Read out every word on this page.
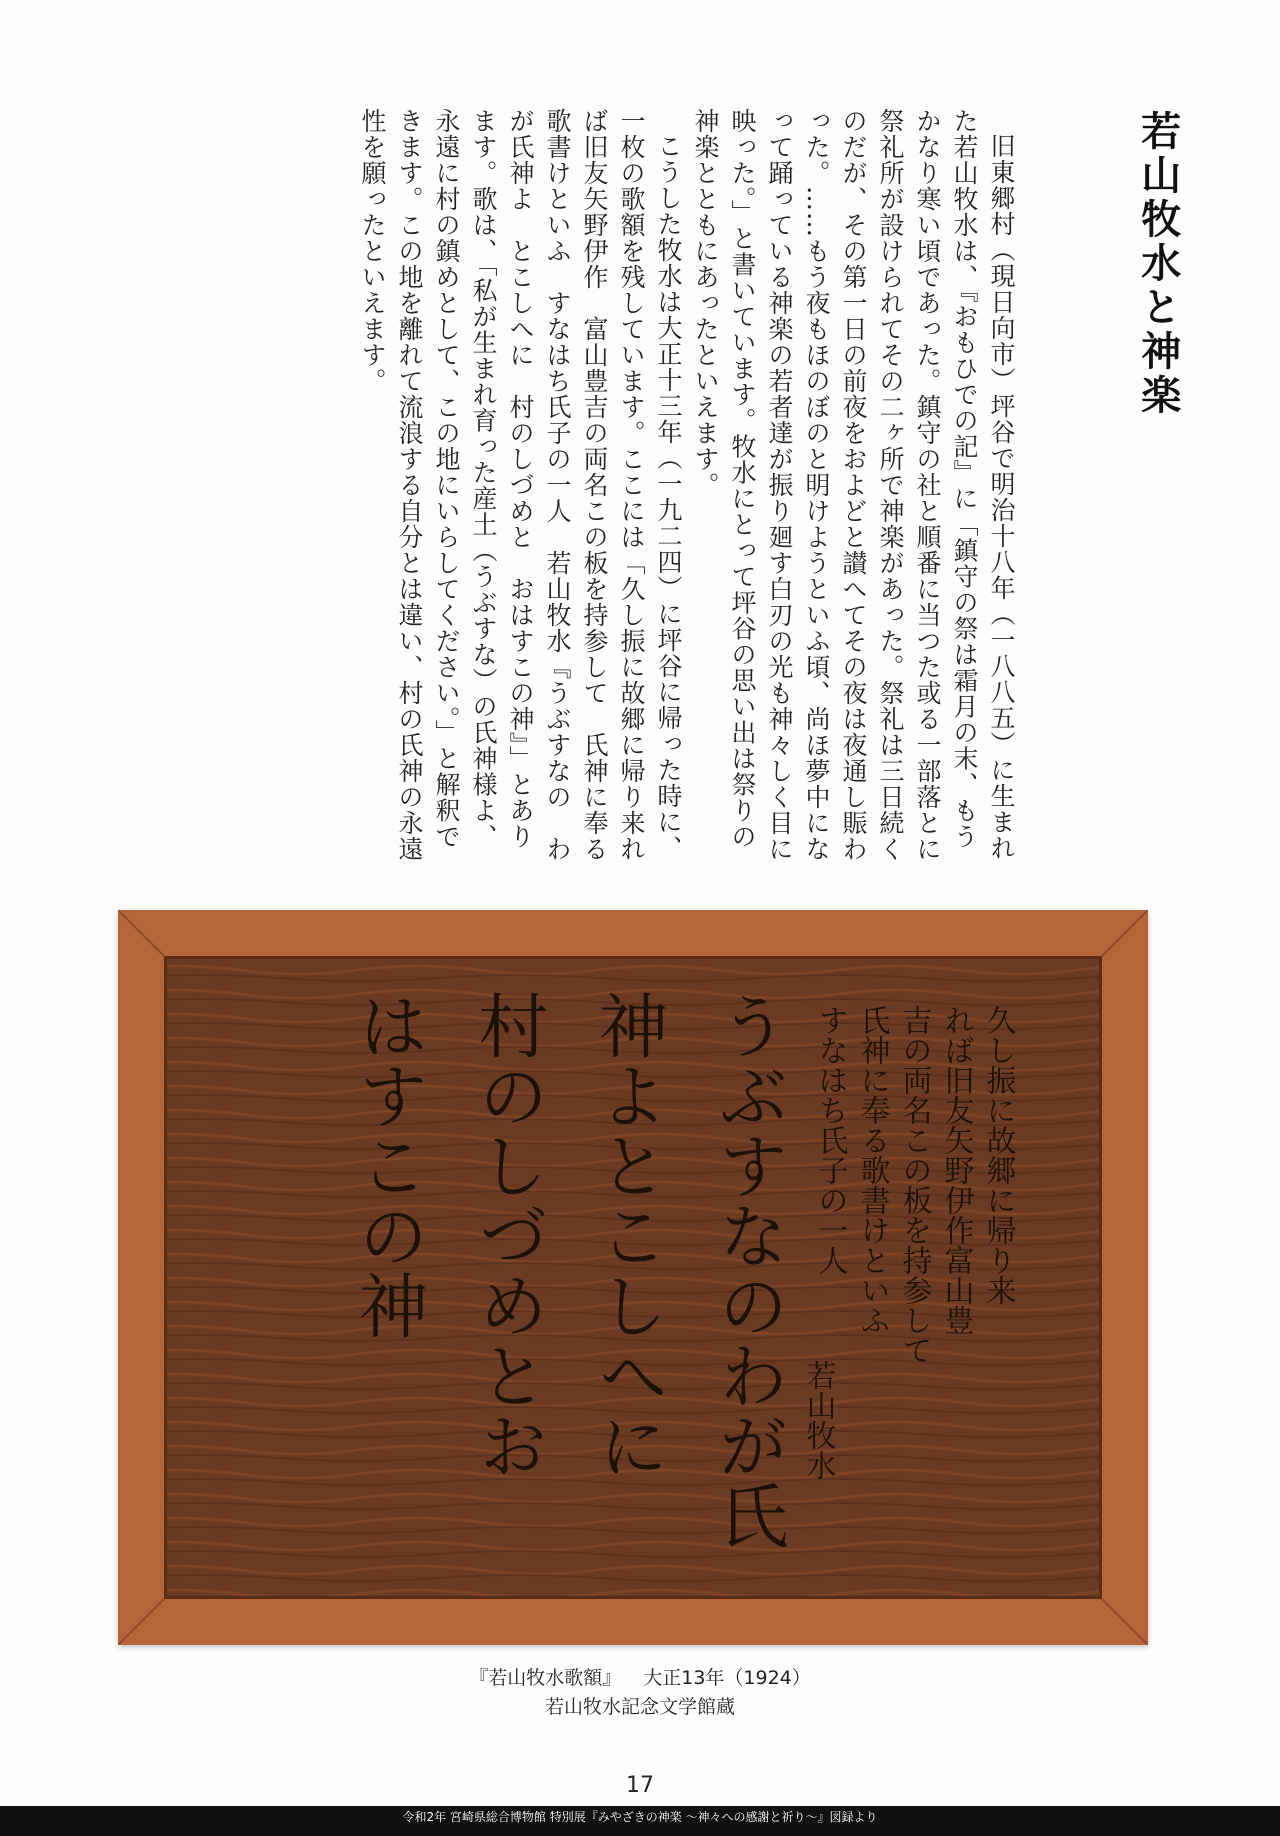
若山牧水と神楽

旧東郷村（現日向市）坪谷で明治十八年（一八八五）に生まれた若山牧水は、『おもひでの記』に「鎮守の祭は霜月の末、もうかなり寒い頃であった。鎮守の社と順番に当つた或る一部落とに祭礼所が設けられてその二ヶ所で神楽があった。祭礼は三日続くのだが、その第一日の前夜をおよどと讃へてその夜は夜通し賑わった。……もう夜もほのぼのと明けようといふ頃、尚ほ夢中になって踊っている神楽の若者達が振り廻す白刃の光も神々しく目に映った。」と書いています。牧水にとって坪谷の思い出は祭りの神楽とともにあったといえます。

こうした牧水は大正十三年（一九二四）に坪谷に帰った時に、一枚の歌額を残しています。ここには「久し振に故郷に帰り来れば旧友矢野伊作　富山豊吉の両名この板を持参して　氏神に奉る歌書けといふ　すなはち氏子の一人　若山牧水『うぶすなの　わが氏神よ　とこしへに　村のしづめと　おはすこの神』」とあります。歌は、「私が生まれ育った産土（うぶすな）の氏神様よ、永遠に村の鎮めとして、この地にいらしてください。」と解釈できます。この地を離れて流浪する自分とは違い、村の氏神の永遠性を願ったといえます。

久し振に故郷に帰り来
れば旧友矢野伊作富山豊
吉の両名この板を持参して
氏神に奉る歌書けといふ
すなはち氏子の一人
うぶすなのわが氏
神よとこしへに
村のしづめとお
はすこの神
若山牧水
『若山牧水歌額』 大正13年（1924）
若山牧水記念文学館蔵
17
令和2年 宮崎県総合博物館 特別展『みやざきの神楽 ～神々への感謝と祈り～』図録より
